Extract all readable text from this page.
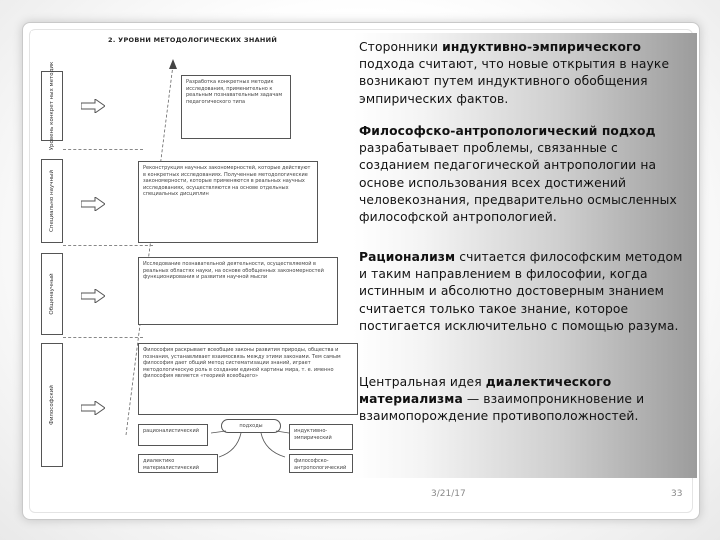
2. УРОВНИ МЕТОДОЛОГИЧЕСКИХ ЗНАНИЙ
Уровень конкрет ных методик
Специально научный
Общенаучный
Философский
Разработка конкретных методик исследования, применительно к реальным познавательным задачам педагогического типа
Реконструкция научных закономерностей, которые действуют в конкретных исследованиях. Полученные методологические закономерности, которые применяются в реальных научных исследованиях, осуществляются на основе отдельных специальных дисциплин
Исследование познавательной деятельности, осуществляемой в реальных областях науки, на основе обобщенных закономерностей функционирования и развития научной мысли
Философия раскрывает всеобщие законы развития природы, общества и познания, устанавливает взаимосвязь между этими законами. Тем самым философия дает общий метод систематизации знаний, играет методологическую роль в создании единой картины мира, т. е. именно философия является «теорией всеобщего»
подходы
рационалистический	индуктивно-эмпирический
диалектико материалистический
философско-антропологический
Сторонники индуктивно-эмпирического подхода считают, что новые открытия в науке возникают путем индуктивного обобщения эмпирических фактов.
Философско-антропологический подход разрабатывает проблемы, связанные с созданием педагогической антропологии на основе использования всех достижений человекознания, предварительно осмысленных философской антропологией.
Рационализм считается философским методом и таким направлением в философии, когда истинным и абсолютно достоверным знанием считается только такое знание, которое постигается исключительно с помощью разума.
Центральная идея диалектического материализма — взаимопроникновение и взаимопорождение противоположностей.
3/21/17	33
